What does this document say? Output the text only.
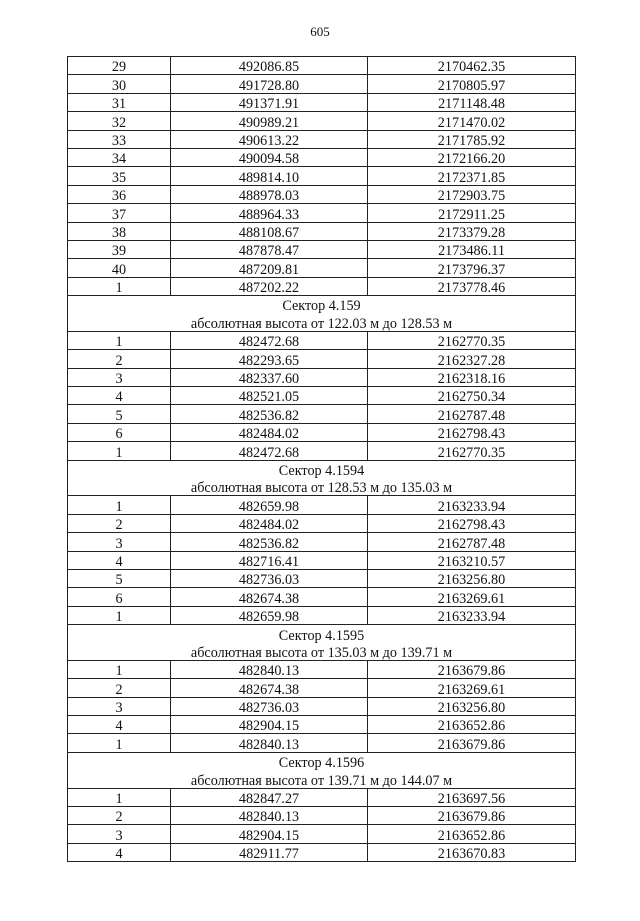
605
29	492086.85	2170462.35
30	491728.80	2170805.97
31	491371.91	2171148.48
32	490989.21	2171470.02
33	490613.22	2171785.92
34	490094.58	2172166.20
35	489814.10	2172371.85
36	488978.03	2172903.75
37	488964.33	2172911.25
38	488108.67	2173379.28
39	487878.47	2173486.11
40	487209.81	2173796.37
1	487202.22	2173778.46
Сектор 4.159		
абсолютная высота от 122.03 м до 128.53 м		
1	482472.68	2162770.35
2	482293.65	2162327.28
3	482337.60	2162318.16
4	482521.05	2162750.34
5	482536.82	2162787.48
6	482484.02	2162798.43
1	482472.68	2162770.35
Сектор 4.1594		
абсолютная высота от 128.53 м до 135.03 м		
1	482659.98	2163233.94
2	482484.02	2162798.43
3	482536.82	2162787.48
4	482716.41	2163210.57
5	482736.03	2163256.80
6	482674.38	2163269.61
1	482659.98	2163233.94
Сектор 4.1595		
абсолютная высота от 135.03 м до 139.71 м		
1	482840.13	2163679.86
2	482674.38	2163269.61
3	482736.03	2163256.80
4	482904.15	2163652.86
1	482840.13	2163679.86
Сектор 4.1596		
абсолютная высота от 139.71 м до 144.07 м		
1	482847.27	2163697.56
2	482840.13	2163679.86
3	482904.15	2163652.86
4	482911.77	2163670.83
